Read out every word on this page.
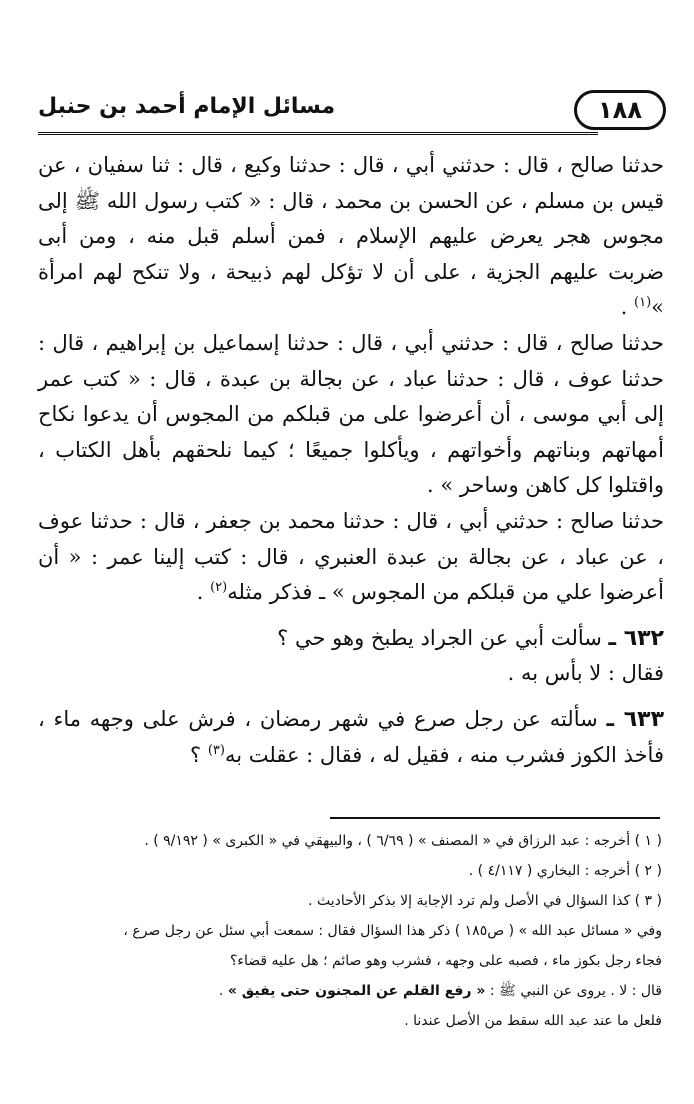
١٨٨
مسائل الإمام أحمد بن حنبل

حدثنا صالح ، قال : حدثني أبي ، قال : حدثنا وكيع ، قال : ثنا سفيان ، عن قيس بن مسلم ، عن الحسن بن محمد ، قال : « كتب رسول الله ﷺ إلى مجوس هجر يعرض عليهم الإسلام ، فمن أسلم قبل منه ، ومن أبى ضربت عليهم الجزية ، على أن لا تؤكل لهم ذبيحة ، ولا تنكح لهم امرأة »$^{(١)}$ .

حدثنا صالح ، قال : حدثني أبي ، قال : حدثنا إسماعيل بن إبراهيم ، قال : حدثنا عوف ، قال : حدثنا عباد ، عن بجالة بن عبدة ، قال : « كتب عمر إلى أبي موسى ، أن أعرضوا على من قبلكم من المجوس أن يدعوا نكاح أمهاتهم وبناتهم وأخواتهم ، ويأكلوا جميعًا ؛ كيما نلحقهم بأهل الكتاب ، واقتلوا كل كاهن وساحر » .

حدثنا صالح : حدثني أبي ، قال : حدثنا محمد بن جعفر ، قال : حدثنا عوف ، عن عباد ، عن بجالة بن عبدة العنبري ، قال : كتب إلينا عمر : « أن أعرضوا علي من قبلكم من المجوس » ـ فذكر مثله$^{(٢)}$ .

٦٣٢ ـ سألت أبي عن الجراد يطبخ وهو حي ؟

فقال : لا بأس به .

٦٣٣ ـ سألته عن رجل صرع في شهر رمضان ، فرش على وجهه ماء ، فأخذ الكوز فشرب منه ، فقيل له ، فقال : عقلت به$^{(٣)}$ ؟

( ١ ) أخرجه : عبد الرزاق في « المصنف » ( ٦/٦٩ ) ، والبيهقي في « الكبرى » ( ٩/١٩٢ ) .

( ٢ ) أخرجه : البخاري ( ٤/١١٧ ) .

( ٣ ) كذا السؤال في الأصل ولم ترد الإجابة إلا بذكر الأحاديث .

وفي « مسائل عبد الله » ( ص١٨٥ ) ذكر هذا السؤال فقال : سمعت أبي سئل عن رجل صرع ،

فجاء رجل بكوز ماء ، فصبه على وجهه ، فشرب وهو صائم ؛ هل عليه قضاء؟

قال : لا . يروى عن النبي ﷺ : « رفع القلم عن المجنون حتى يفيق » .

فلعل ما عند عبد الله سقط من الأصل عندنا .
